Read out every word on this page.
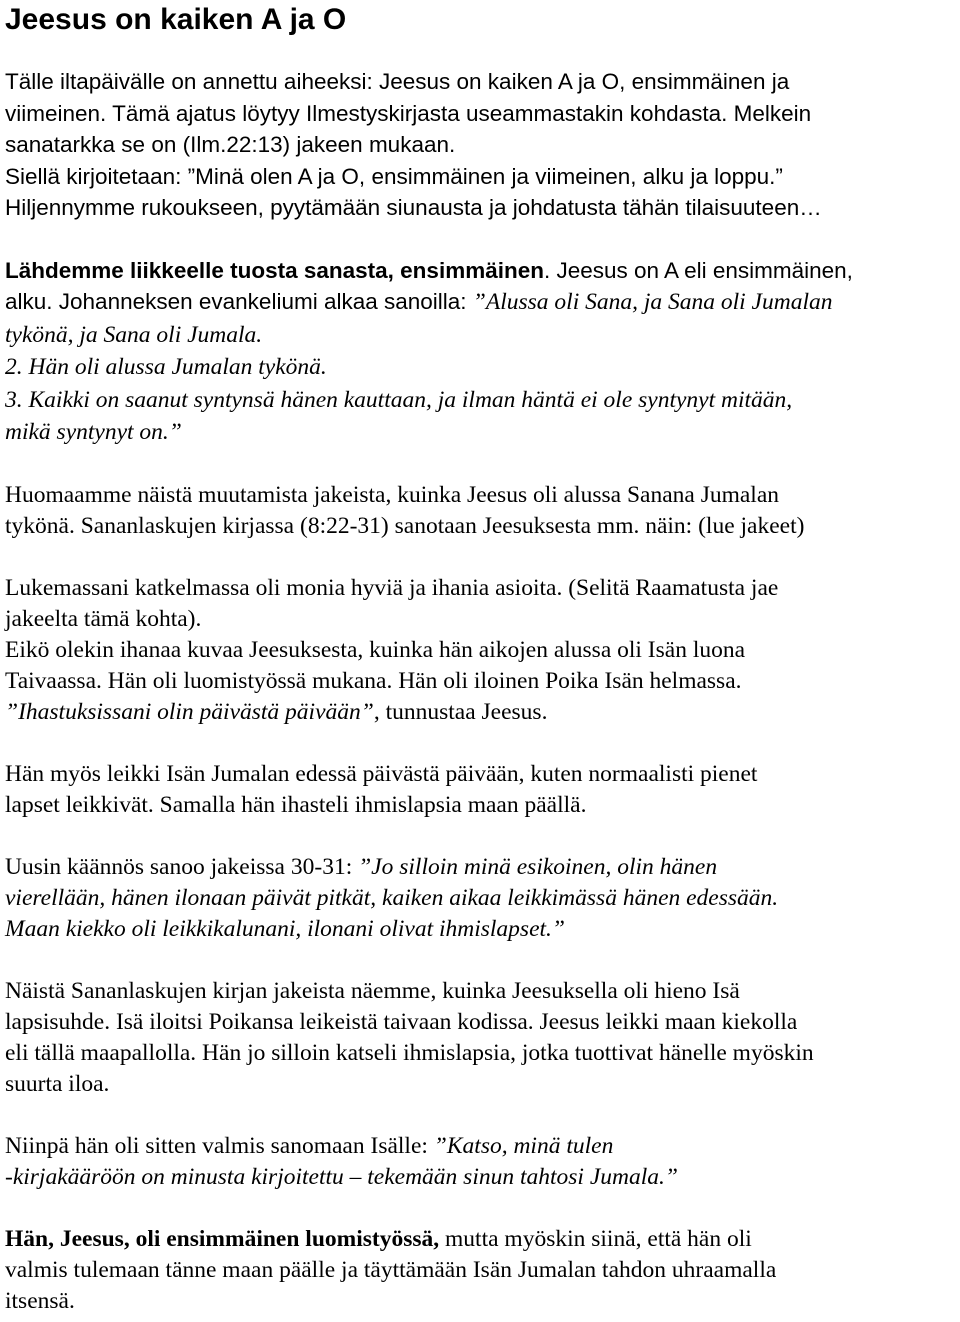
Jeesus on kaiken A ja O

Tälle iltapäivälle on annettu aiheeksi: Jeesus on kaiken A ja O, ensimmäinen ja
viimeinen. Tämä ajatus löytyy Ilmestyskirjasta useammastakin kohdasta. Melkein
sanatarkka se on (Ilm.22:13) jakeen mukaan.
Siellä kirjoitetaan: ”Minä olen A ja O, ensimmäinen ja viimeinen, alku ja loppu.”
Hiljennymme rukoukseen, pyytämään siunausta ja johdatusta tähän tilaisuuteen…

Lähdemme liikkeelle tuosta sanasta, ensimmäinen. Jeesus on A eli ensimmäinen,
alku. Johanneksen evankeliumi alkaa sanoilla: ”Alussa oli Sana, ja Sana oli Jumalan
tykönä, ja Sana oli Jumala.
2. Hän oli alussa Jumalan tykönä.
3. Kaikki on saanut syntynsä hänen kauttaan, ja ilman häntä ei ole syntynyt mitään,
mikä syntynyt on.”

Huomaamme näistä muutamista jakeista, kuinka Jeesus oli alussa Sanana Jumalan
tykönä. Sananlaskujen kirjassa (8:22-31) sanotaan Jeesuksesta mm. näin: (lue jakeet)

Lukemassani katkelmassa oli monia hyviä ja ihania asioita. (Selitä Raamatusta jae
jakeelta tämä kohta).
Eikö olekin ihanaa kuvaa Jeesuksesta, kuinka hän aikojen alussa oli Isän luona
Taivaassa. Hän oli luomistyössä mukana. Hän oli iloinen Poika Isän helmassa.
”Ihastuksissani olin päivästä päivään”, tunnustaa Jeesus.

Hän myös leikki Isän Jumalan edessä päivästä päivään, kuten normaalisti pienet
lapset leikkivät. Samalla hän ihasteli ihmislapsia maan päällä.

Uusin käännös sanoo jakeissa 30-31: ”Jo silloin minä esikoinen, olin hänen
vierellään, hänen ilonaan päivät pitkät, kaiken aikaa leikkimässä hänen edessään.
Maan kiekko oli leikkikalunani, ilonani olivat ihmislapset.”

Näistä Sananlaskujen kirjan jakeista näemme, kuinka Jeesuksella oli hieno Isä
lapsisuhde. Isä iloitsi Poikansa leikeistä taivaan kodissa. Jeesus leikki maan kiekolla
eli tällä maapallolla. Hän jo silloin katseli ihmislapsia, jotka tuottivat hänelle myöskin
suurta iloa.

Niinpä hän oli sitten valmis sanomaan Isälle: ”Katso, minä tulen
-kirjakääröön on minusta kirjoitettu – tekemään sinun tahtosi Jumala.”

Hän, Jeesus, oli ensimmäinen luomistyössä, mutta myöskin siinä, että hän oli
valmis tulemaan tänne maan päälle ja täyttämään Isän Jumalan tahdon uhraamalla
itsensä.
